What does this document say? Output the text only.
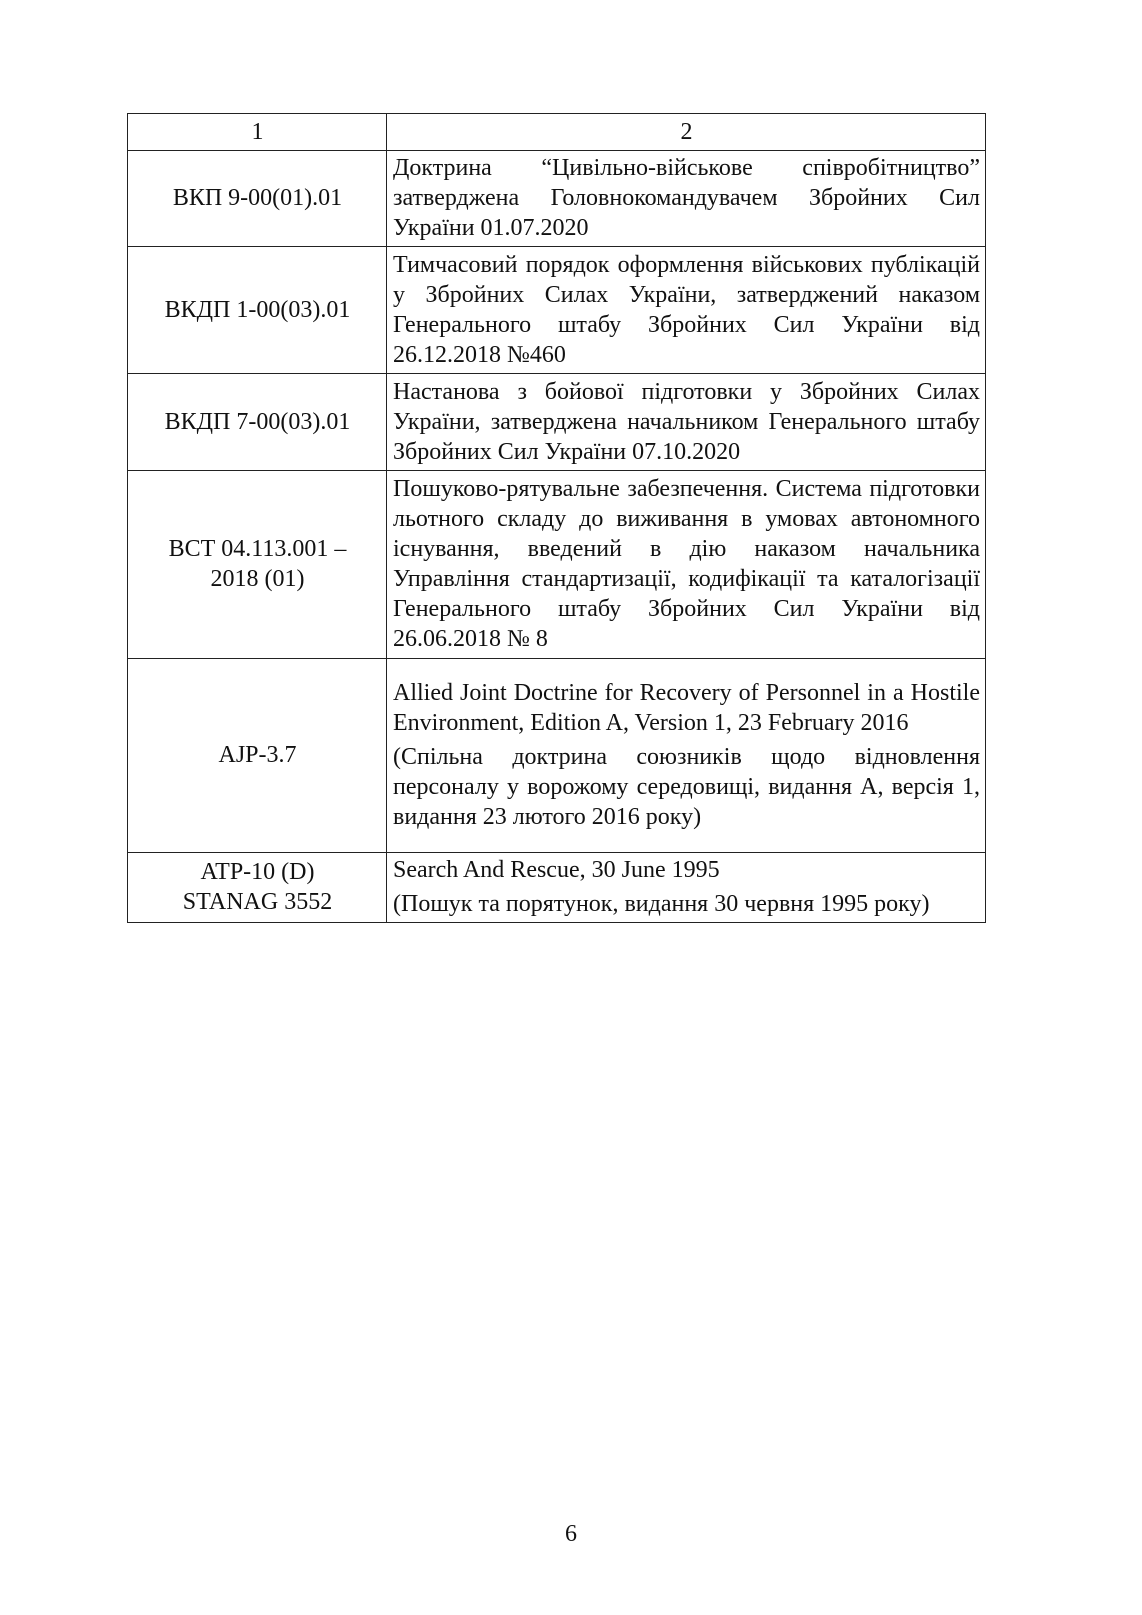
1	2

ВКП 9-00(01).01	Доктрина “Цивільно-військове співробітництво” затверджена Головнокомандувачем Збройних Сил України 01.07.2020

ВКДП 1-00(03).01	Тимчасовий порядок оформлення військових публікацій у Збройних Силах України, затверджений наказом Генерального штабу Збройних Сил України від 26.12.2018 №460

ВКДП 7-00(03).01	Настанова з бойової підготовки у Збройних Силах України, затверджена начальником Генерального штабу Збройних Сил України 07.10.2020

ВСТ 04.113.001 –
2018 (01)	Пошуково-рятувальне забезпечення. Система підготовки льотного складу до виживання в умовах автономного існування, введений в дію наказом начальника Управління стандартизації, кодифікації та каталогізації Генерального штабу Збройних Сил України від 26.06.2018 № 8

AJP-3.7	Allied Joint Doctrine for Recovery of Personnel in a Hostile Environment, Edition A, Version 1, 23 February 2016
(Спільна доктрина союзників щодо відновлення персоналу у ворожому середовищі, видання А, версія 1, видання 23 лютого 2016 року)

ATP-10 (D)
STANAG 3552	Search And Rescue, 30 June 1995
(Пошук та порятунок, видання 30 червня 1995 року)
6
